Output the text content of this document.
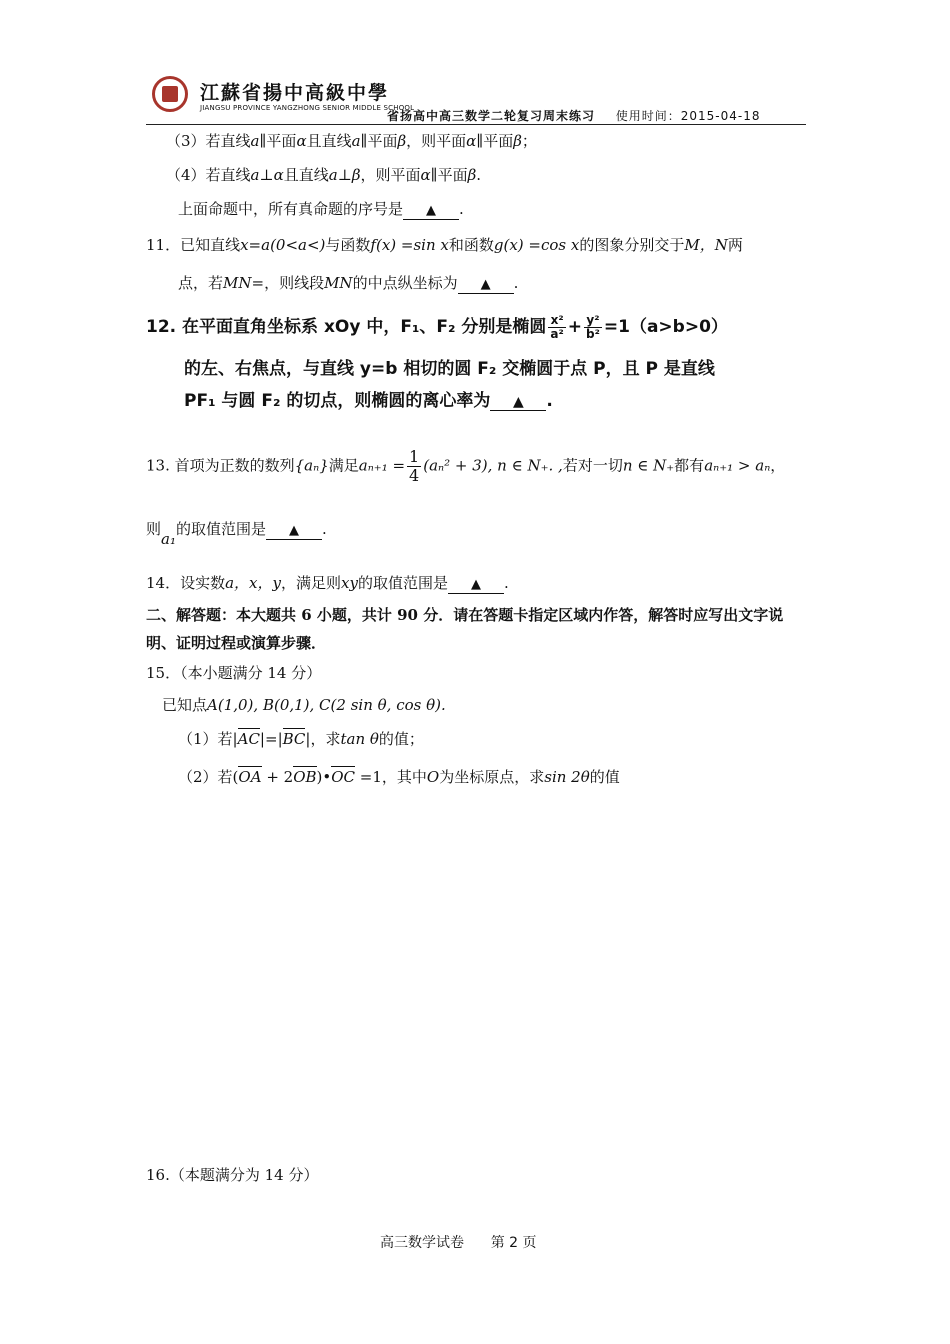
江蘇省揚中高級中學
JIANGSU PROVINCE YANGZHONG SENIOR MIDDLE SCHOOL
省扬高中高三数学二轮复习周末练习 使用时间：2015-04-18
（3）若直线a∥平面α且直线a∥平面β，则平面α∥平面β；
（4）若直线a⊥α且直线a⊥β，则平面α∥平面β.
上面命题中，所有真命题的序号是 ▲ .
11．已知直线x=a(0<a<)与函数f(x) =sin x和函数g(x) =cos x的图象分别交于M，N两
点，若MN=，则线段MN的中点纵坐标为 ▲ .
12. 在平面直角坐标系 xOy 中，F₁、F₂ 分别是椭圆 $\frac{\text{x²}}{\text{a²}} + \frac{\text{y²}}{\text{b²}} =1(a>b>0)$
的左、右焦点，与直线 y=b 相切的圆 F₂ 交椭圆于点 P，且 P 是直线
PF₁ 与圆 F₂ 的切点，则椭圆的离心率为 ▲ .
13. 首项为正数的数列{aₙ}满足$a_{n+1} = \frac{1}{4} (a_n^2 + 3)$, n ∈ N₊. ,若对一切n ∈ N₊都有aₙ₊₁ > aₙ，
则a₁的取值范围是 ▲ .
14．设实数a，x，y，满足则xy的取值范围是 ▲ .
二、解答题：本大题共 6 小题，共计 90 分．请在答题卡指定区域内作答，解答时应写出文字说
明、证明过程或演算步骤．
15．（本小题满分 14 分）
已知点A(1,0), B(0,1), C(2 sin θ, cos θ).
（1）若|AC|=|BC|，求tan θ的值；
（2）若(OA + 2OB)•OC =1，其中O为坐标原点，求sin 2θ的值
16.（本题满分为 14 分）
高三数学试卷 第 2 页
